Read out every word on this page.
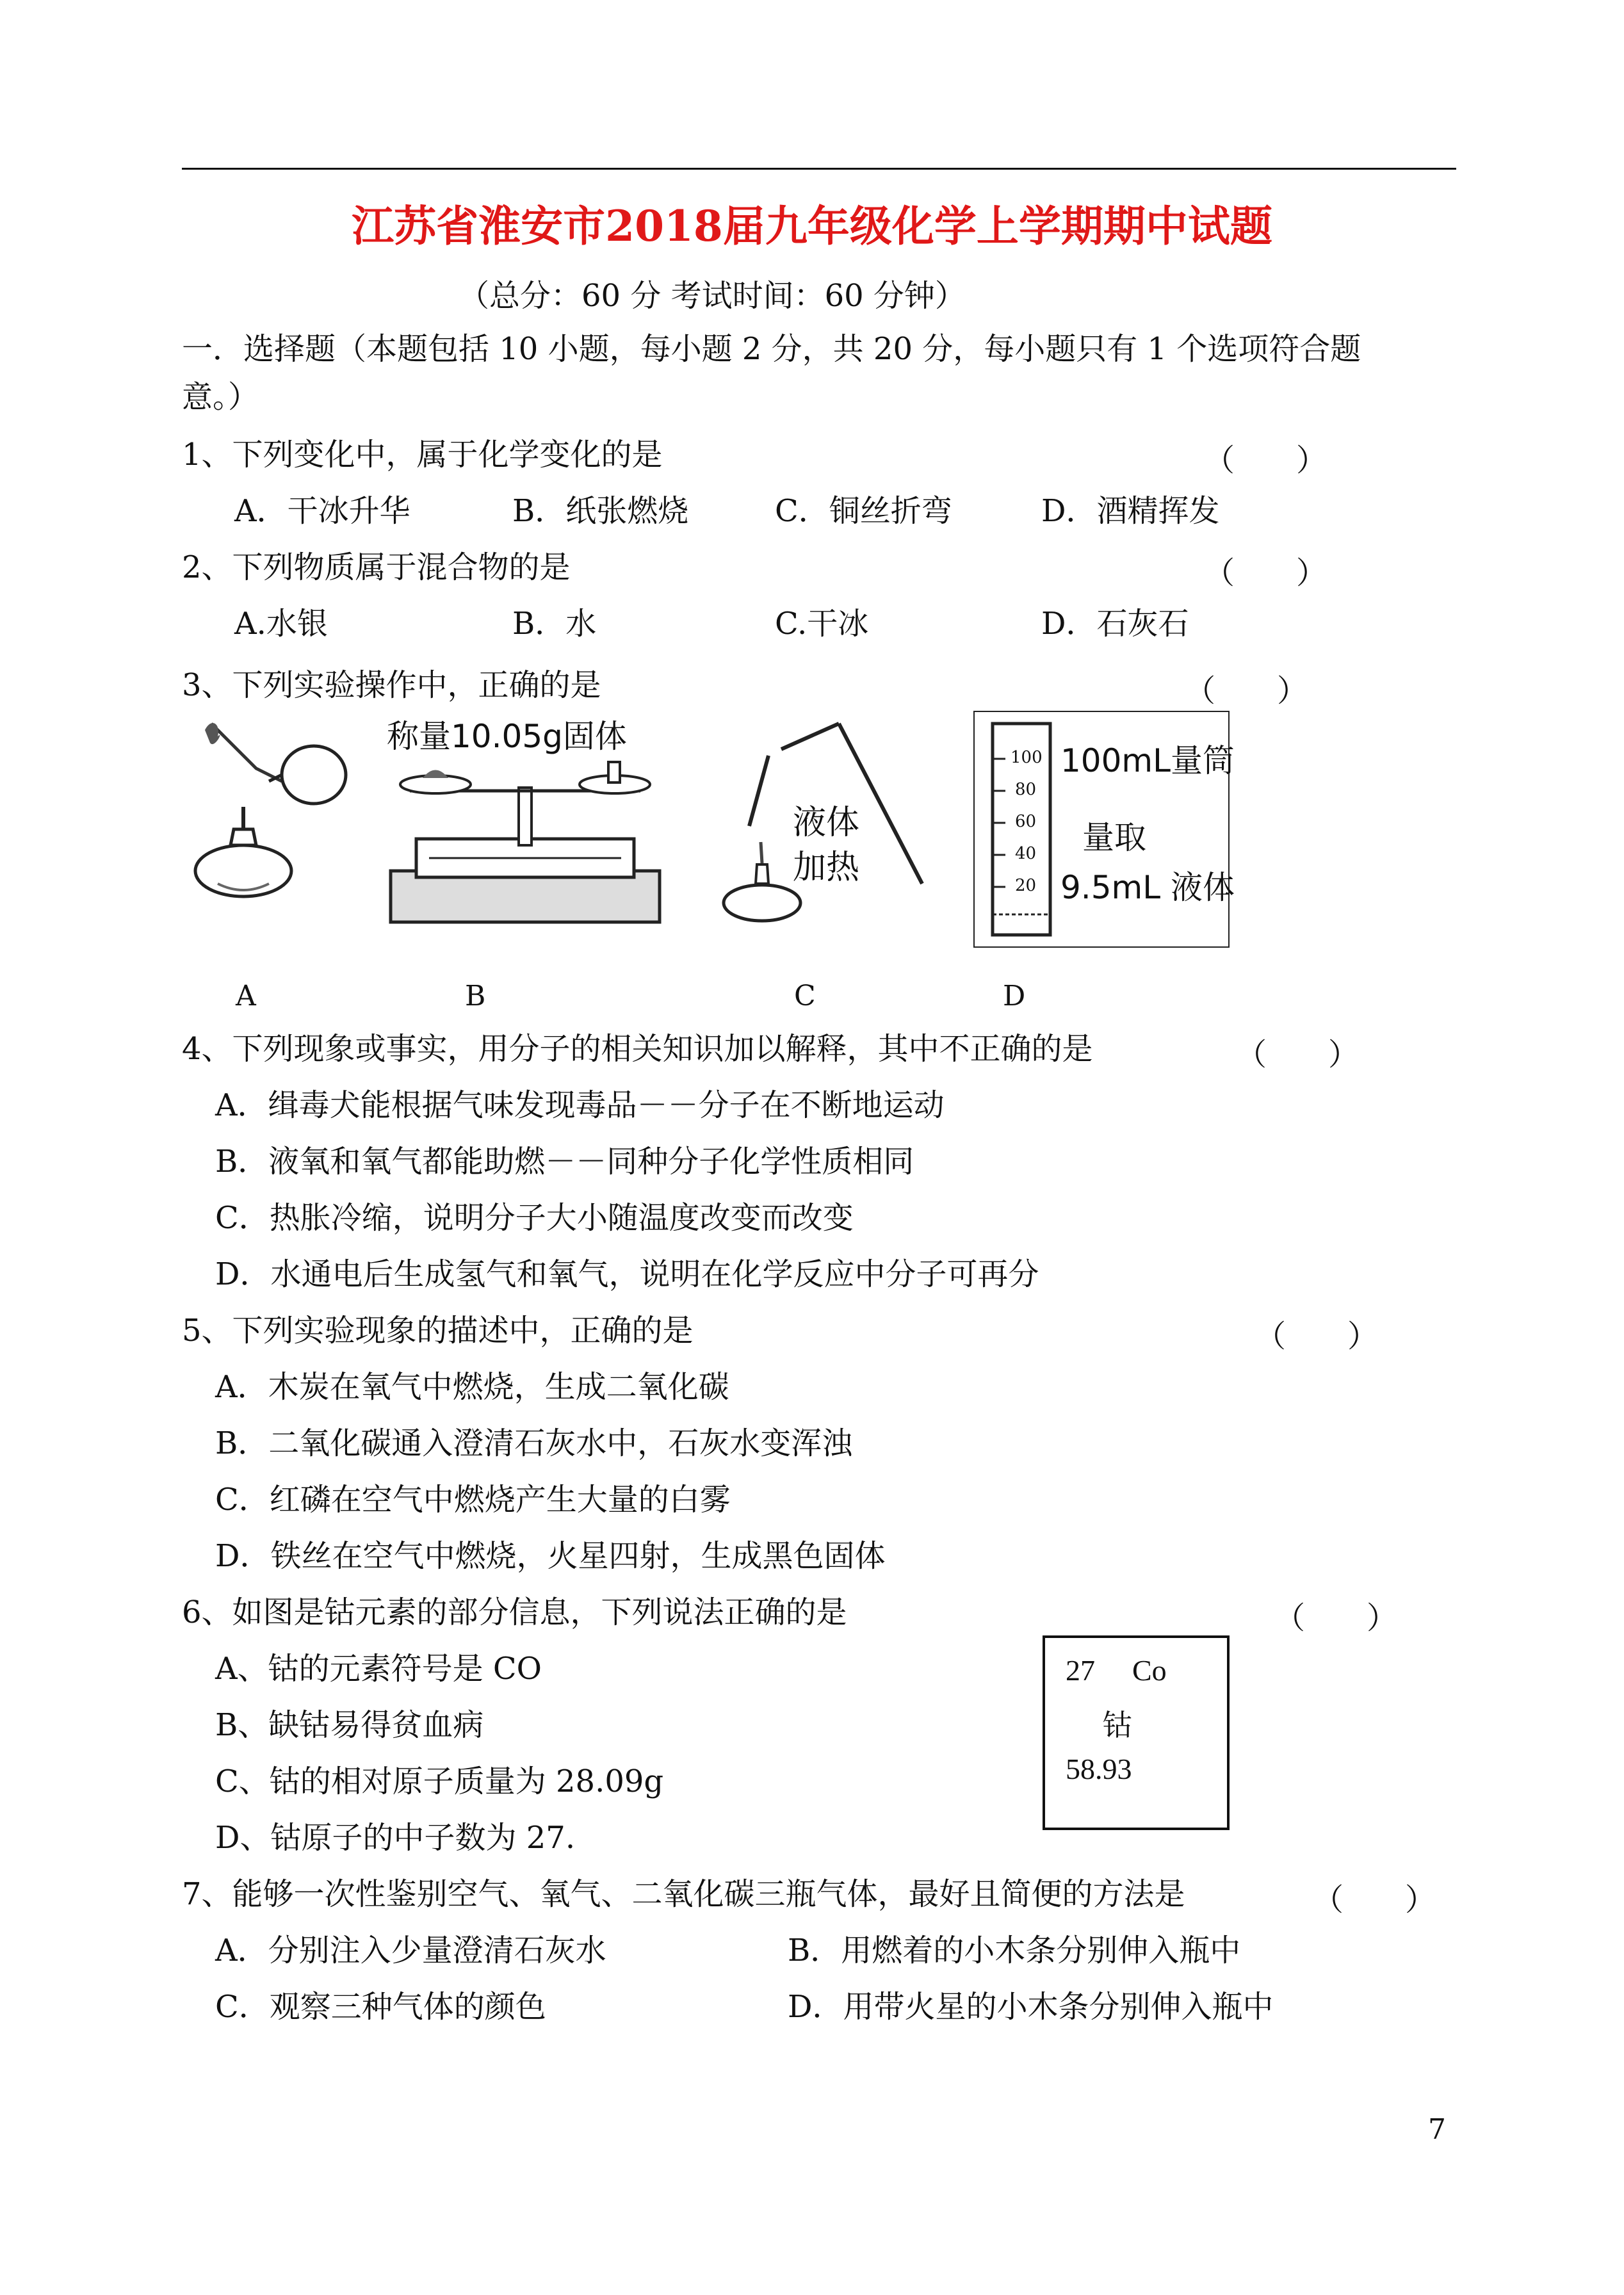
江苏省淮安市2018届九年级化学上学期期中试题
（总分：60 分 考试时间：60 分钟）
一．选择题（本题包括 10 小题，每小题 2 分，共 20 分，每小题只有 1 个选项符合题
意。）
1、下列变化中，属于化学变化的是	（　　）
A．干冰升华	B．纸张燃烧	C．铜丝折弯	D．酒精挥发
2、下列物质属于混合物的是	（　　）
A.水银	B．水	C.干冰	D．石灰石
3、下列实验操作中，正确的是	（　　）
A
称量10.05g固体
B
液体
加热
C
100
80
60
40
20
100mL量筒
量取
9.5mL 液体
D
4、下列现象或事实，用分子的相关知识加以解释，其中不正确的是	（　　）
A．缉毒犬能根据气味发现毒品－－分子在不断地运动
B．液氧和氧气都能助燃－－同种分子化学性质相同
C．热胀冷缩，说明分子大小随温度改变而改变
D．水通电后生成氢气和氧气，说明在化学反应中分子可再分
5、下列实验现象的描述中，正确的是	（　　）
A．木炭在氧气中燃烧，生成二氧化碳
B．二氧化碳通入澄清石灰水中，石灰水变浑浊
C．红磷在空气中燃烧产生大量的白雾
D．铁丝在空气中燃烧，火星四射，生成黑色固体
6、如图是钴元素的部分信息，下列说法正确的是	（　　）
A、钴的元素符号是 CO
B、缺钴易得贫血病
C、钴的相对原子质量为 28.09g
D、钴原子的中子数为 27.
27 Co
钴
58.93
7、能够一次性鉴别空气、氧气、二氧化碳三瓶气体，最好且简便的方法是	（　　）
A．分别注入少量澄清石灰水	B．用燃着的小木条分别伸入瓶中
C．观察三种气体的颜色	D．用带火星的小木条分别伸入瓶中
7
